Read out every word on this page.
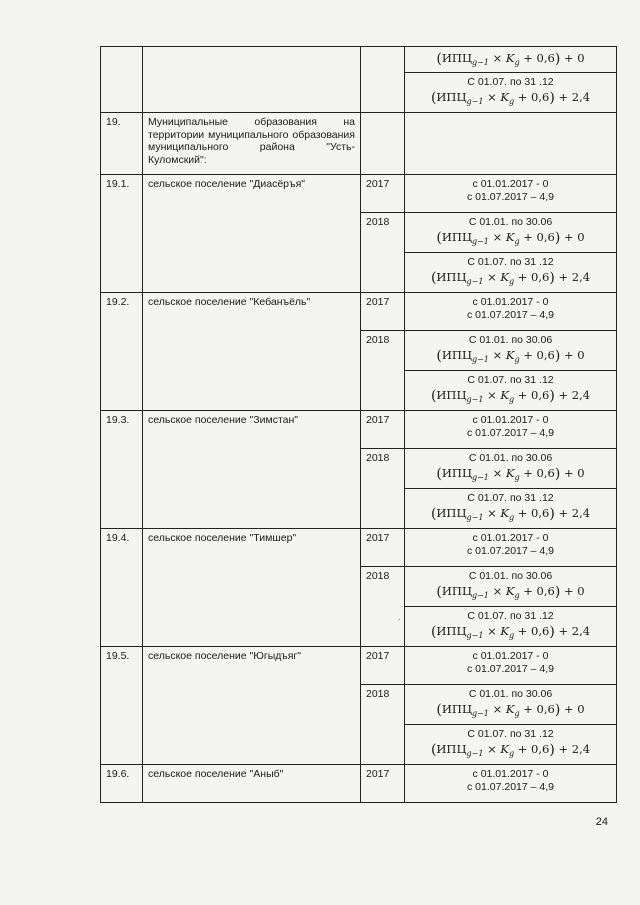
			$(ИПЦ_{g-1} \times K_g + 0,6) + 0$

			С 01.07. по 31 .12
$(ИПЦ_{g-1} \times K_g + 0,6) + 2,4$

19.	Муниципальные образования на территории муниципального образования муниципального района "Усть-Куломский":		
19.1.	сельское поселение "Диасёръя"	2017	с 01.01.2017 - 0
с 01.07.2017 – 4,9

		2018	С 01.01. по 30.06
$(ИПЦ_{g-1} \times K_g + 0,6) + 0$

			С 01.07. по 31 .12
$(ИПЦ_{g-1} \times K_g + 0,6) + 2,4$

19.2.	сельское поселение "Кебанъёль"	2017	с 01.01.2017 - 0
с 01.07.2017 – 4,9

		2018	С 01.01. по 30.06
$(ИПЦ_{g-1} \times K_g + 0,6) + 0$

			С 01.07. по 31 .12
$(ИПЦ_{g-1} \times K_g + 0,6) + 2,4$

19.3.	сельское поселение "Зимстан"	2017	с 01.01.2017 - 0
с 01.07.2017 – 4,9

		2018	С 01.01. по 30.06
$(ИПЦ_{g-1} \times K_g + 0,6) + 0$

			С 01.07. по 31 .12
$(ИПЦ_{g-1} \times K_g + 0,6) + 2,4$

19.4.	сельское поселение "Тимшер"	2017	с 01.01.2017 - 0
с 01.07.2017 – 4,9

		2018	С 01.01. по 30.06
$(ИПЦ_{g-1} \times K_g + 0,6) + 0$

			С 01.07. по 31 .12
$(ИПЦ_{g-1} \times K_g + 0,6) + 2,4$

19.5.	сельское поселение "Югыдъяг"	2017	с 01.01.2017 - 0
с 01.07.2017 – 4,9

		2018	С 01.01. по 30.06
$(ИПЦ_{g-1} \times K_g + 0,6) + 0$

			С 01.07. по 31 .12
$(ИПЦ_{g-1} \times K_g + 0,6) + 2,4$

19.6.	сельское поселение "Аныб"	2017	с 01.01.2017 - 0
с 01.07.2017 – 4,9
24
·
